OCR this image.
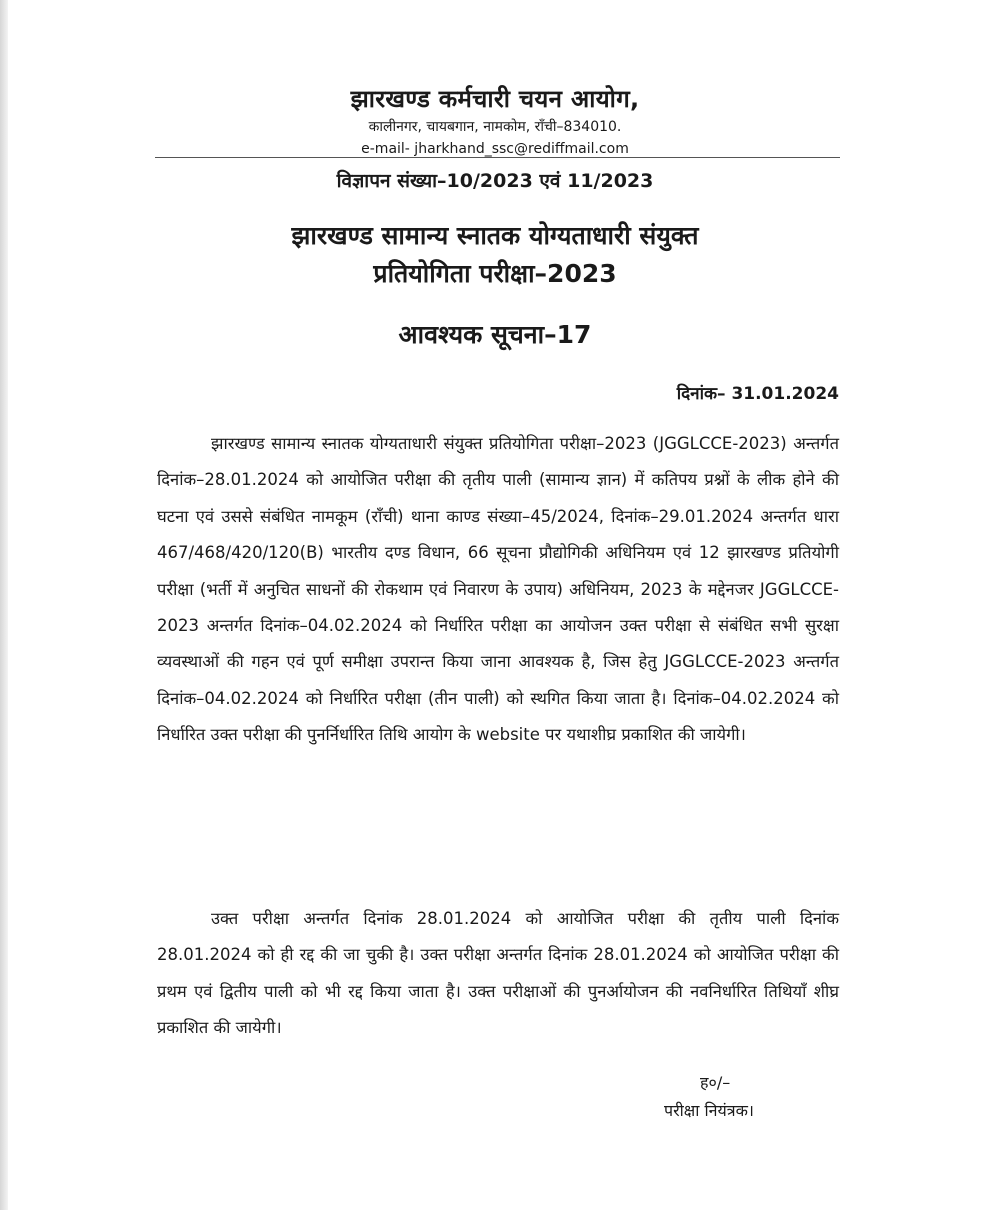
झारखण्ड कर्मचारी चयन आयोग,
कालीनगर, चायबगान, नामकोम, राँची–834010.
e-mail- jharkhand_ssc@rediffmail.com
विज्ञापन संख्या–10/2023 एवं 11/2023
झारखण्ड सामान्य स्नातक योग्यताधारी संयुक्त
प्रतियोगिता परीक्षा–2023
आवश्यक सूचना–17
दिनांक– 31.01.2024

झारखण्ड सामान्य स्नातक योग्यताधारी संयुक्त प्रतियोगिता परीक्षा–2023 (JGGLCCE-2023) अन्तर्गत दिनांक–28.01.2024 को आयोजित परीक्षा की तृतीय पाली (सामान्य ज्ञान) में कतिपय प्रश्नों के लीक होने की घटना एवं उससे संबंधित नामकूम (राँची) थाना काण्ड संख्या–45/2024, दिनांक–29.01.2024 अन्तर्गत धारा 467/468/420/120(B) भारतीय दण्ड विधान, 66 सूचना प्रौद्योगिकी अधिनियम एवं 12 झारखण्ड प्रतियोगी परीक्षा (भर्ती में अनुचित साधनों की रोकथाम एवं निवारण के उपाय) अधिनियम, 2023 के मद्देनजर JGGLCCE-2023 अन्तर्गत दिनांक–04.02.2024 को निर्धारित परीक्षा का आयोजन उक्त परीक्षा से संबंधित सभी सुरक्षा व्यवस्थाओं की गहन एवं पूर्ण समीक्षा उपरान्त किया जाना आवश्यक है, जिस हेतु JGGLCCE-2023 अन्तर्गत दिनांक–04.02.2024 को निर्धारित परीक्षा (तीन पाली) को स्थगित किया जाता है। दिनांक–04.02.2024 को निर्धारित उक्त परीक्षा की पुनर्निर्धारित तिथि आयोग के website पर यथाशीघ्र प्रकाशित की जायेगी।

उक्त परीक्षा अन्तर्गत दिनांक 28.01.2024 को आयोजित परीक्षा की तृतीय पाली दिनांक 28.01.2024 को ही रद्द की जा चुकी है। उक्त परीक्षा अन्तर्गत दिनांक 28.01.2024 को आयोजित परीक्षा की प्रथम एवं द्वितीय पाली को भी रद्द किया जाता है। उक्त परीक्षाओं की पुनर्आयोजन की नवनिर्धारित तिथियाँ शीघ्र प्रकाशित की जायेगी।

ह०/–
परीक्षा नियंत्रक।
